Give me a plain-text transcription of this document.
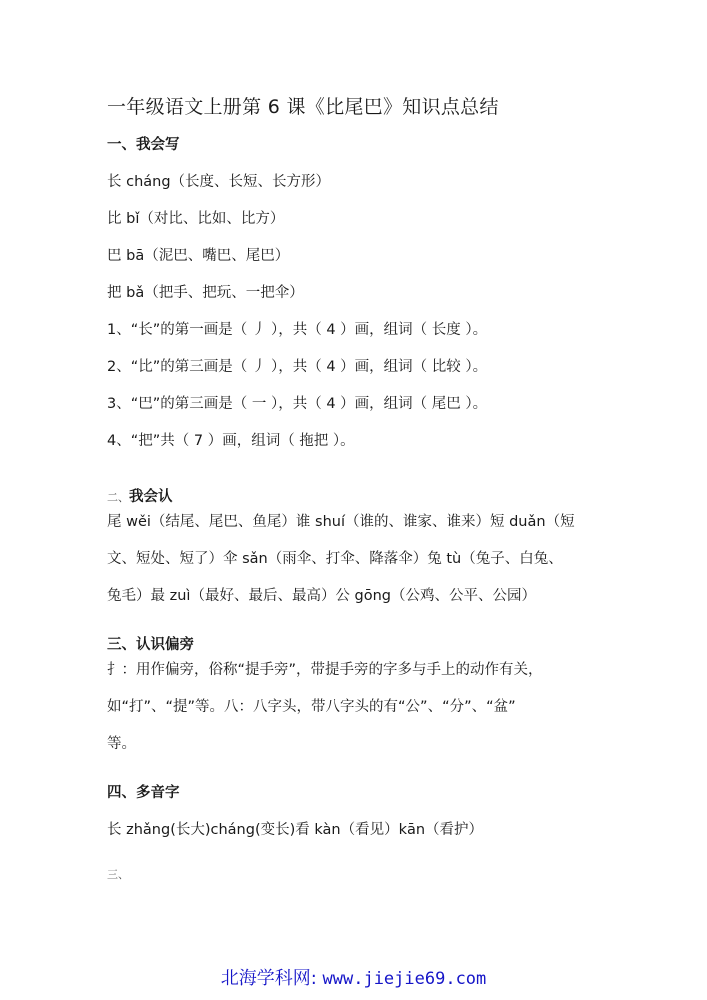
一年级语文上册第 6 课《比尾巴》知识点总结
一、我会写
长 cháng（长度、长短、长方形）
比 bǐ（对比、比如、比方）
巴 bā（泥巴、嘴巴、尾巴）
把 bǎ（把手、把玩、一把伞）
1、“长”的第一画是（ 丿 ），共（ 4 ）画，组词（ 长度 ）。
2、“比”的第三画是（ 丿 ），共（ 4 ）画，组词（ 比较 ）。
3、“巴”的第三画是（ 一 ），共（ 4 ）画，组词（ 尾巴 ）。
4、“把”共（ 7 ）画，组词（ 拖把 ）。
二、我会认
尾 wěi（结尾、尾巴、鱼尾）谁 shuí（谁的、谁家、谁来）短 duǎn（短
文、短处、短了）伞 sǎn（雨伞、打伞、降落伞）兔 tù（兔子、白兔、
兔毛）最 zuì（最好、最后、最高）公 gōng（公鸡、公平、公园）
三、认识偏旁
扌：用作偏旁，俗称“提手旁”，带提手旁的字多与手上的动作有关，
如“打”、“提”等。八：八字头，带八字头的有“公”、“分”、“盆”
等。
四、多音字
长 zhǎng(长大)cháng(变长)看 kàn（看见）kān（看护）
三、
北海学科网: www.jiejie69.com
